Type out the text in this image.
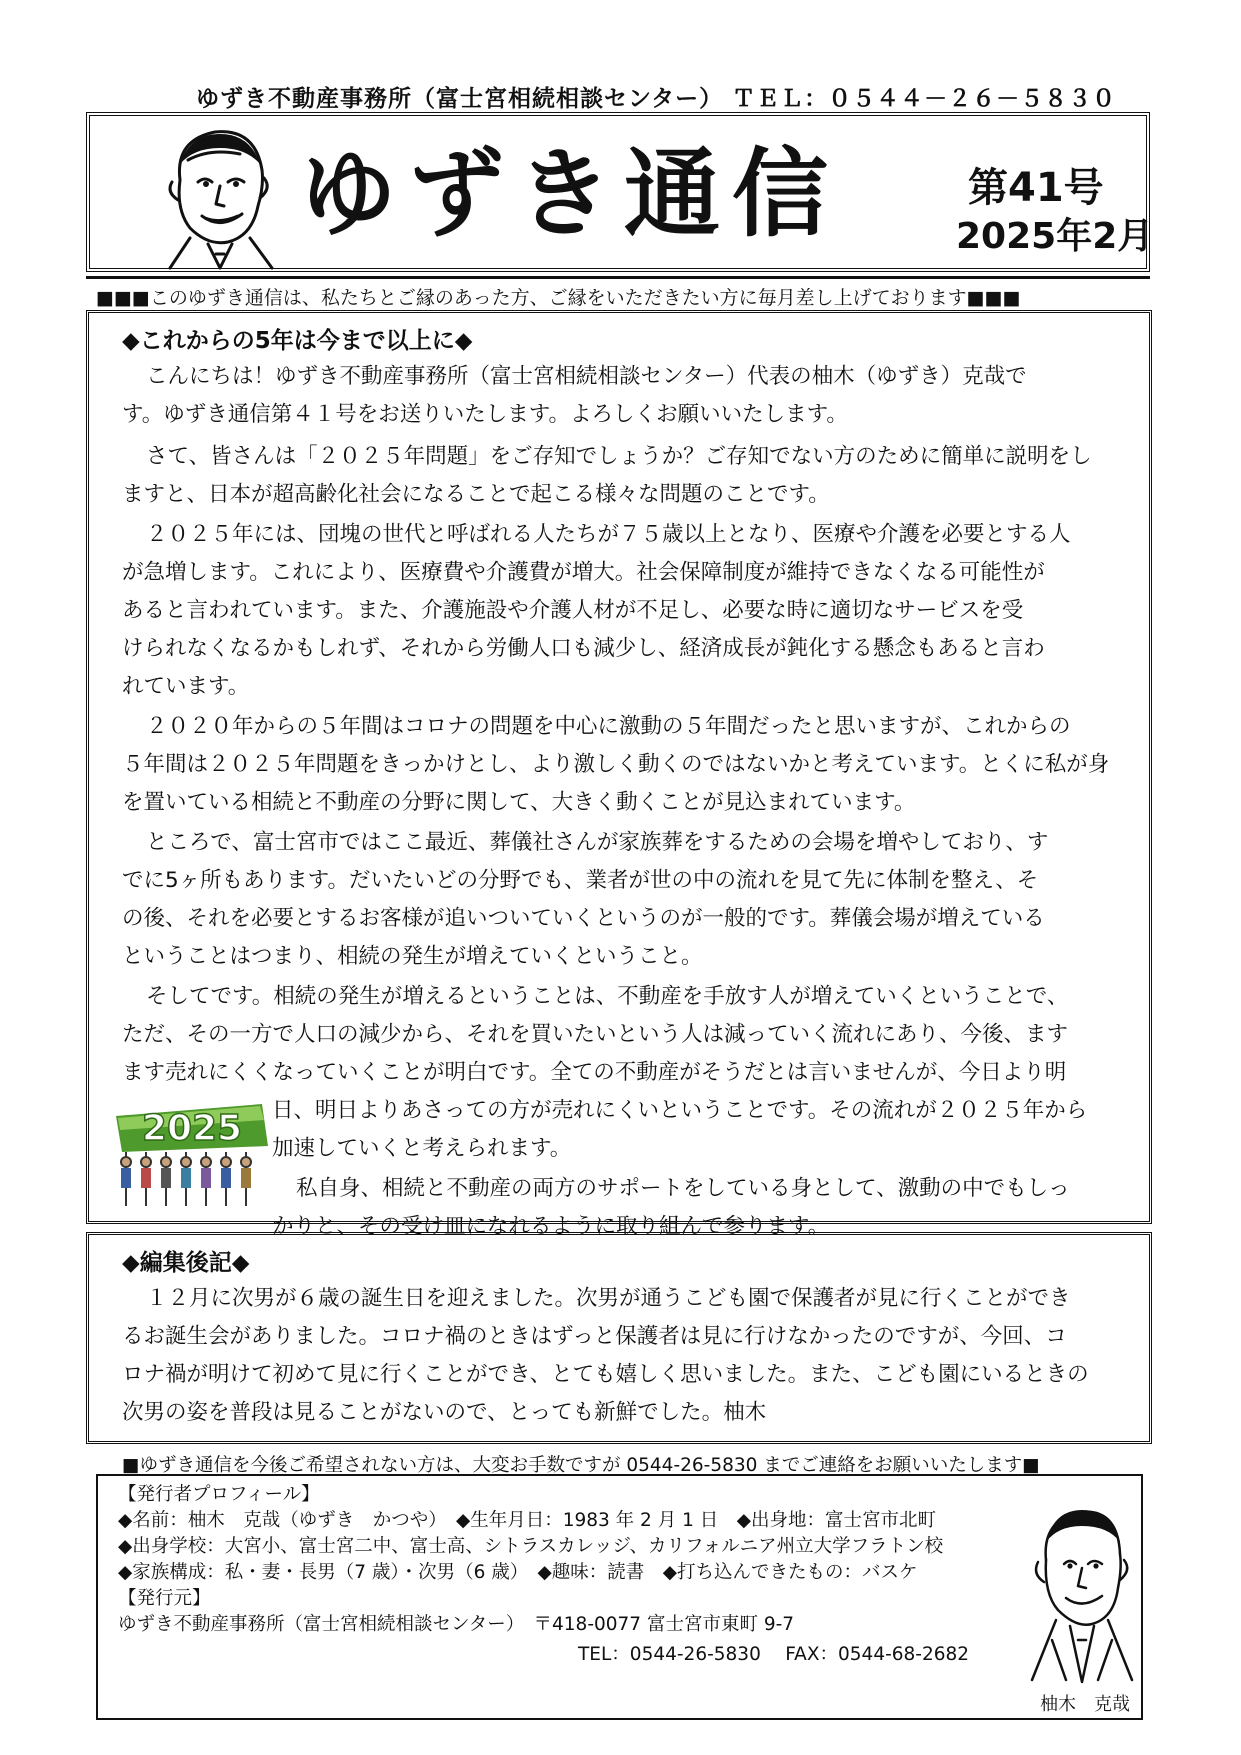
ゆずき不動産事務所（富士宮相続相談センター） ＴＥＬ：０５４４－２６－５８３０
ゆずき通信	第41号
2025年2月
■■■このゆずき通信は、私たちとご縁のあった方、ご縁をいただきたい方に毎月差し上げております■■■
◆これからの5年は今まで以上に◆
こんにちは！ゆずき不動産事務所（富士宮相続相談センター）代表の柚木（ゆずき）克哉で
す。ゆずき通信第４１号をお送りいたします。よろしくお願いいたします。
さて、皆さんは「２０２５年問題」をご存知でしょうか？ご存知でない方のために簡単に説明をし
ますと、日本が超高齢化社会になることで起こる様々な問題のことです。
２０２５年には、団塊の世代と呼ばれる人たちが７５歳以上となり、医療や介護を必要とする人
が急増します。これにより、医療費や介護費が増大。社会保障制度が維持できなくなる可能性が
あると言われています。また、介護施設や介護人材が不足し、必要な時に適切なサービスを受
けられなくなるかもしれず、それから労働人口も減少し、経済成長が鈍化する懸念もあると言わ
れています。
２０２０年からの５年間はコロナの問題を中心に激動の５年間だったと思いますが、これからの
５年間は２０２５年問題をきっかけとし、より激しく動くのではないかと考えています。とくに私が身
を置いている相続と不動産の分野に関して、大きく動くことが見込まれています。
ところで、富士宮市ではここ最近、葬儀社さんが家族葬をするための会場を増やしており、す
でに5ヶ所もあります。だいたいどの分野でも、業者が世の中の流れを見て先に体制を整え、そ
の後、それを必要とするお客様が追いついていくというのが一般的です。葬儀会場が増えている
ということはつまり、相続の発生が増えていくということ。
そしてです。相続の発生が増えるということは、不動産を手放す人が増えていくということで、
ただ、その一方で人口の減少から、それを買いたいという人は減っていく流れにあり、今後、ます
ます売れにくくなっていくことが明白です。全ての不動産がそうだとは言いませんが、今日より明
日、明日よりあさっての方が売れにくいということです。その流れが２０２５年から
加速していくと考えられます。
私自身、相続と不動産の両方のサポートをしている身として、激動の中でもしっ
かりと、その受け皿になれるように取り組んで参ります。
2025
◆編集後記◆
１２月に次男が６歳の誕生日を迎えました。次男が通うこども園で保護者が見に行くことができ
るお誕生会がありました。コロナ禍のときはずっと保護者は見に行けなかったのですが、今回、コ
ロナ禍が明けて初めて見に行くことができ、とても嬉しく思いました。また、こども園にいるときの
次男の姿を普段は見ることがないので、とっても新鮮でした。柚木
■ゆずき通信を今後ご希望されない方は、大変お手数ですが 0544-26-5830 までご連絡をお願いいたします■
【発行者プロフィール】
◆名前：柚木　克哉（ゆずき　かつや）　◆生年月日：1983 年 2 月 1 日　◆出身地：富士宮市北町
◆出身学校：大宮小、富士宮二中、富士高、シトラスカレッジ、カリフォルニア州立大学フラトン校
◆家族構成：私・妻・長男（7 歳）・次男（6 歳）　◆趣味：読書　◆打ち込んできたもの：バスケ
【発行元】
ゆずき不動産事務所（富士宮相続相談センター）　〒418-0077 富士宮市東町 9-7
TEL：0544-26-5830　 FAX：0544-68-2682
柚木　克哉
